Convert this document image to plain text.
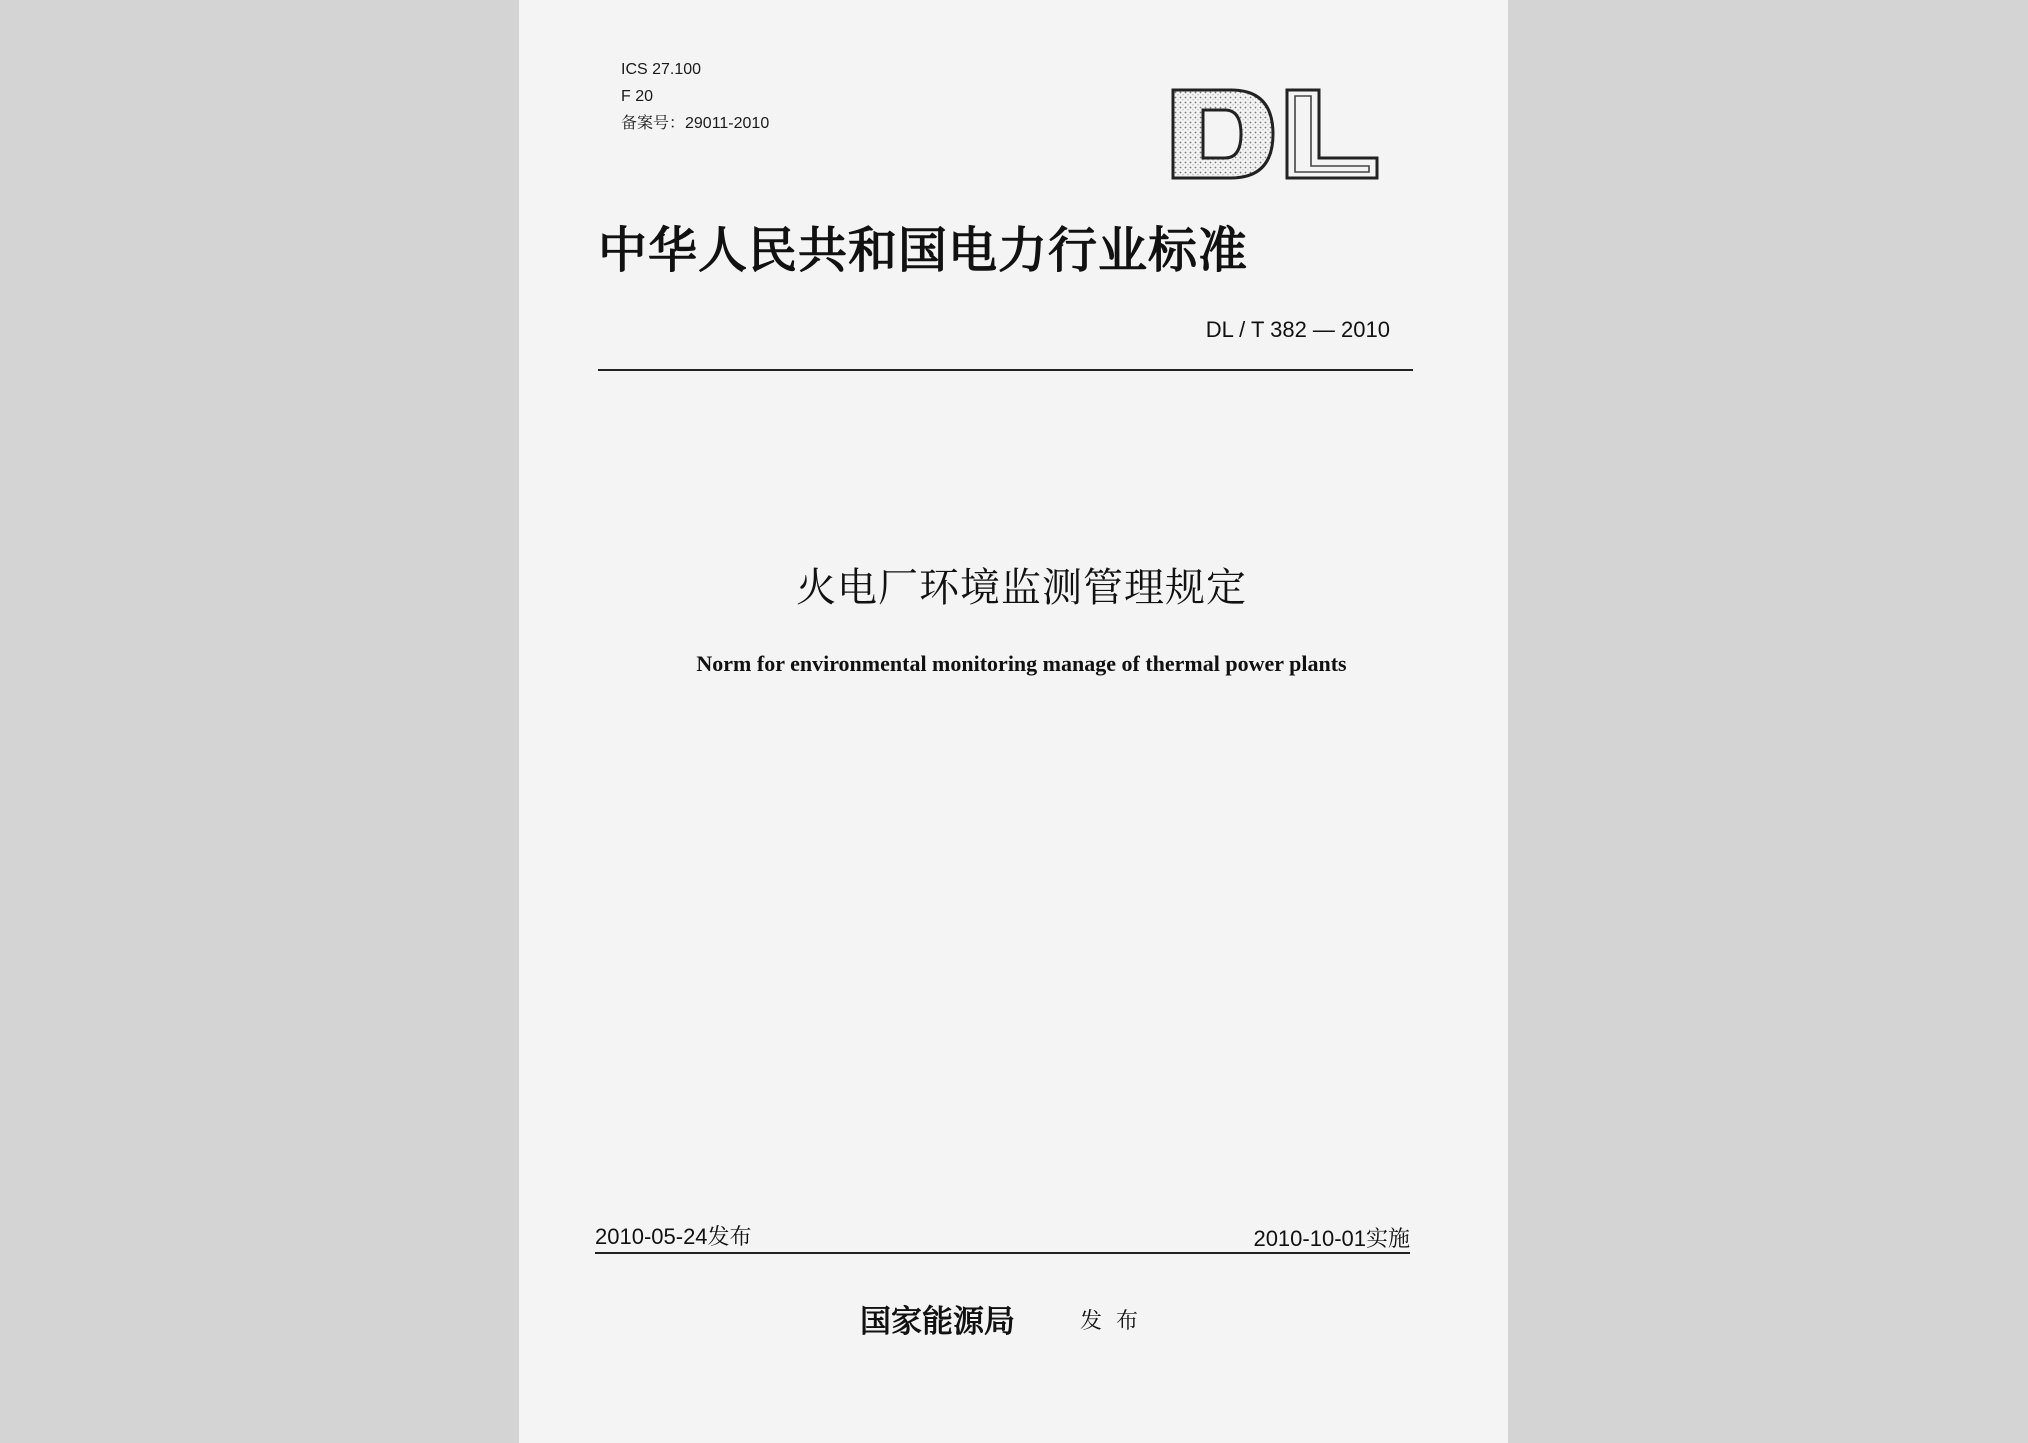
ICS 27.100
F 20
备案号：29011-2010
中华人民共和国电力行业标准
DL / T 382 — 2010
火电厂环境监测管理规定
Norm for environmental monitoring manage of thermal power plants
2010-05-24发布	2010-10-01实施
国家能源局	发布
